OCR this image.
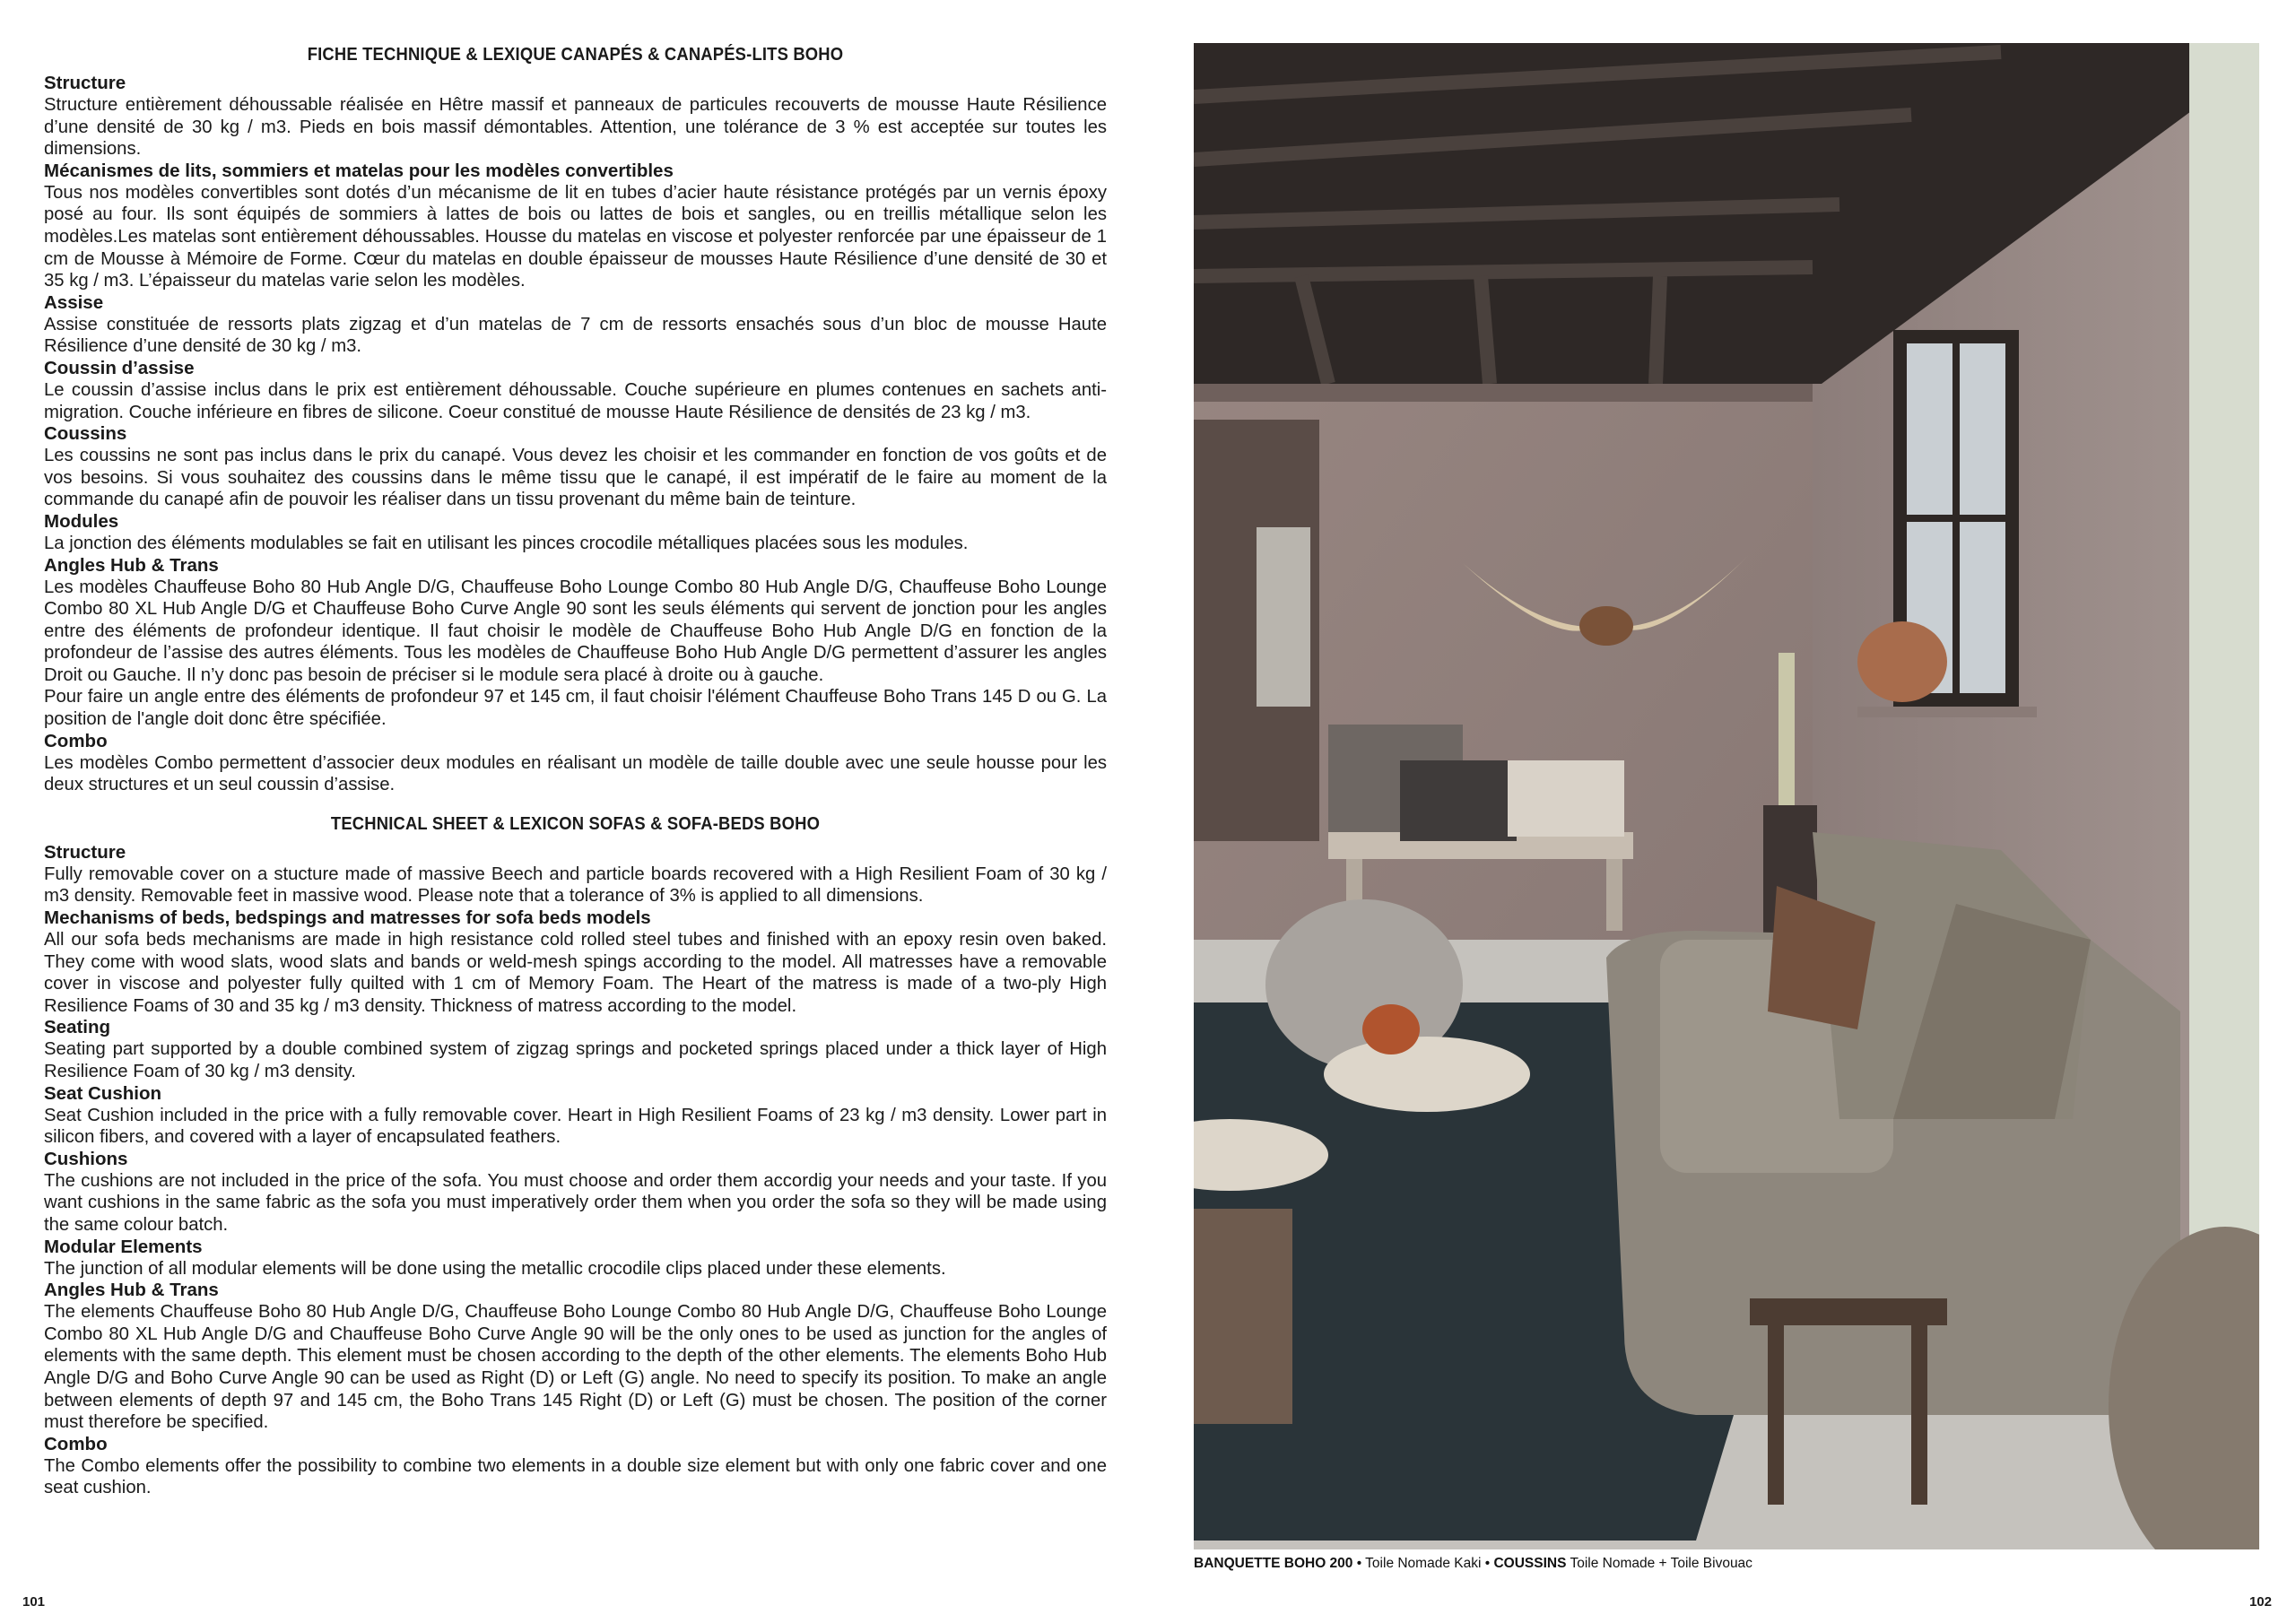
FICHE TECHNIQUE & LEXIQUE CANAPÉS & CANAPÉS-LITS BOHO
Structure

Structure entièrement déhoussable réalisée en Hêtre massif et panneaux de particules recouverts de mousse Haute Résilience d’une densité de 30 kg / m3. Pieds en bois massif démontables. Attention, une tolérance de 3 % est acceptée sur toutes les dimensions.

Mécanismes de lits, sommiers et matelas pour les modèles convertibles

Tous nos modèles convertibles sont dotés d’un mécanisme de lit en tubes d’acier haute résistance protégés par un vernis époxy posé au four. Ils sont équipés de sommiers à lattes de bois ou lattes de bois et sangles, ou en treillis métallique selon les modèles.Les matelas sont entièrement déhoussables. Housse du matelas en viscose et polyester renforcée par une épaisseur de 1 cm de Mousse à Mémoire de Forme. Cœur du matelas en double épaisseur de mousses Haute Résilience d’une densité de 30 et 35 kg / m3. L’épaisseur du matelas varie selon les modèles.

Assise

Assise constituée de ressorts plats zigzag et d’un matelas de 7 cm de ressorts ensachés sous d’un bloc de mousse Haute Résilience d’une densité de 30 kg / m3.

Coussin d’assise

Le coussin d’assise inclus dans le prix est entièrement déhoussable. Couche supérieure en plumes contenues en sachets anti-migration. Couche inférieure en fibres de silicone. Coeur constitué de mousse Haute Résilience de densités de 23 kg / m3.

Coussins

Les coussins ne sont pas inclus dans le prix du canapé. Vous devez les choisir et les commander en fonction de vos goûts et de vos besoins. Si vous souhaitez des coussins dans le même tissu que le canapé, il est impératif de le faire au moment de la commande du canapé afin de pouvoir les réaliser dans un tissu provenant du même bain de teinture.

Modules

La jonction des éléments modulables se fait en utilisant les pinces crocodile métalliques placées sous les modules.

Angles Hub & Trans

Les modèles Chauffeuse Boho 80 Hub Angle D/G, Chauffeuse Boho Lounge Combo 80 Hub Angle D/G, Chauffeuse Boho Lounge Combo 80 XL Hub Angle D/G et Chauffeuse Boho Curve Angle 90 sont les seuls éléments qui servent de jonction pour les angles entre des éléments de profondeur identique. Il faut choisir le modèle de Chauffeuse Boho Hub Angle D/G en fonction de la profondeur de l’assise des autres éléments. Tous les modèles de Chauffeuse Boho Hub Angle D/G permettent d’assurer les angles Droit ou Gauche. Il n’y donc pas besoin de préciser si le module sera placé à droite ou à gauche.

Pour faire un angle entre des éléments de profondeur 97 et 145 cm, il faut choisir l'élément Chauffeuse Boho Trans 145 D ou G. La position de l'angle doit donc être spécifiée.

Combo

Les modèles Combo permettent d’associer deux modules en réalisant un modèle de taille double avec une seule housse pour les deux structures et un seul coussin d’assise.

TECHNICAL SHEET & LEXICON SOFAS & SOFA-BEDS BOHO
Structure

Fully removable cover on a stucture made of massive Beech and particle boards recovered with a High Resilient Foam of 30 kg / m3 density. Removable feet in massive wood. Please note that a tolerance of 3% is applied to all dimensions.

Mechanisms of beds, bedspings and matresses for sofa beds models

All our sofa beds mechanisms are made in high resistance cold rolled steel tubes and finished with an epoxy resin oven baked. They come with wood slats, wood slats and bands or weld-mesh spings according to the model. All matresses have a removable cover in viscose and polyester fully quilted with 1 cm of Memory Foam. The Heart of the matress is made of a two-ply High Resilience Foams of 30 and 35 kg / m3 density. Thickness of matress according to the model.

Seating

Seating part supported by a double combined system of zigzag springs and pocketed springs placed under a thick layer of High Resilience Foam of 30 kg / m3 density.

Seat Cushion

Seat Cushion included in the price with a fully removable cover. Heart in High Resilient Foams of 23 kg / m3 density. Lower part in silicon fibers, and covered with a layer of encapsulated feathers.

Cushions

The cushions are not included in the price of the sofa. You must choose and order them accordig your needs and your taste. If you want cushions in the same fabric as the sofa you must imperatively order them when you order the sofa so they will be made using the same colour batch.

Modular Elements

The junction of all modular elements will be done using the metallic crocodile clips placed under these elements.

Angles Hub & Trans

The elements Chauffeuse Boho 80 Hub Angle D/G, Chauffeuse Boho Lounge Combo 80 Hub Angle D/G, Chauffeuse Boho Lounge Combo 80 XL Hub Angle D/G and Chauffeuse Boho Curve Angle 90 will be the only ones to be used as junction for the angles of elements with the same depth. This element must be chosen according to the depth of the other elements. The elements Boho Hub Angle D/G and Boho Curve Angle 90 can be used as Right (D) or Left (G) angle. No need to specify its position. To make an angle between elements of depth 97 and 145 cm, the Boho Trans 145 Right (D) or Left (G) must be chosen. The position of the corner must therefore be specified.

Combo

The Combo elements offer the possibility to combine two elements in a double size element but with only one fabric cover and one seat cushion.

BANQUETTE BOHO 200 • Toile Nomade Kaki • COUSSINS Toile Nomade + Toile Bivouac
101	102
